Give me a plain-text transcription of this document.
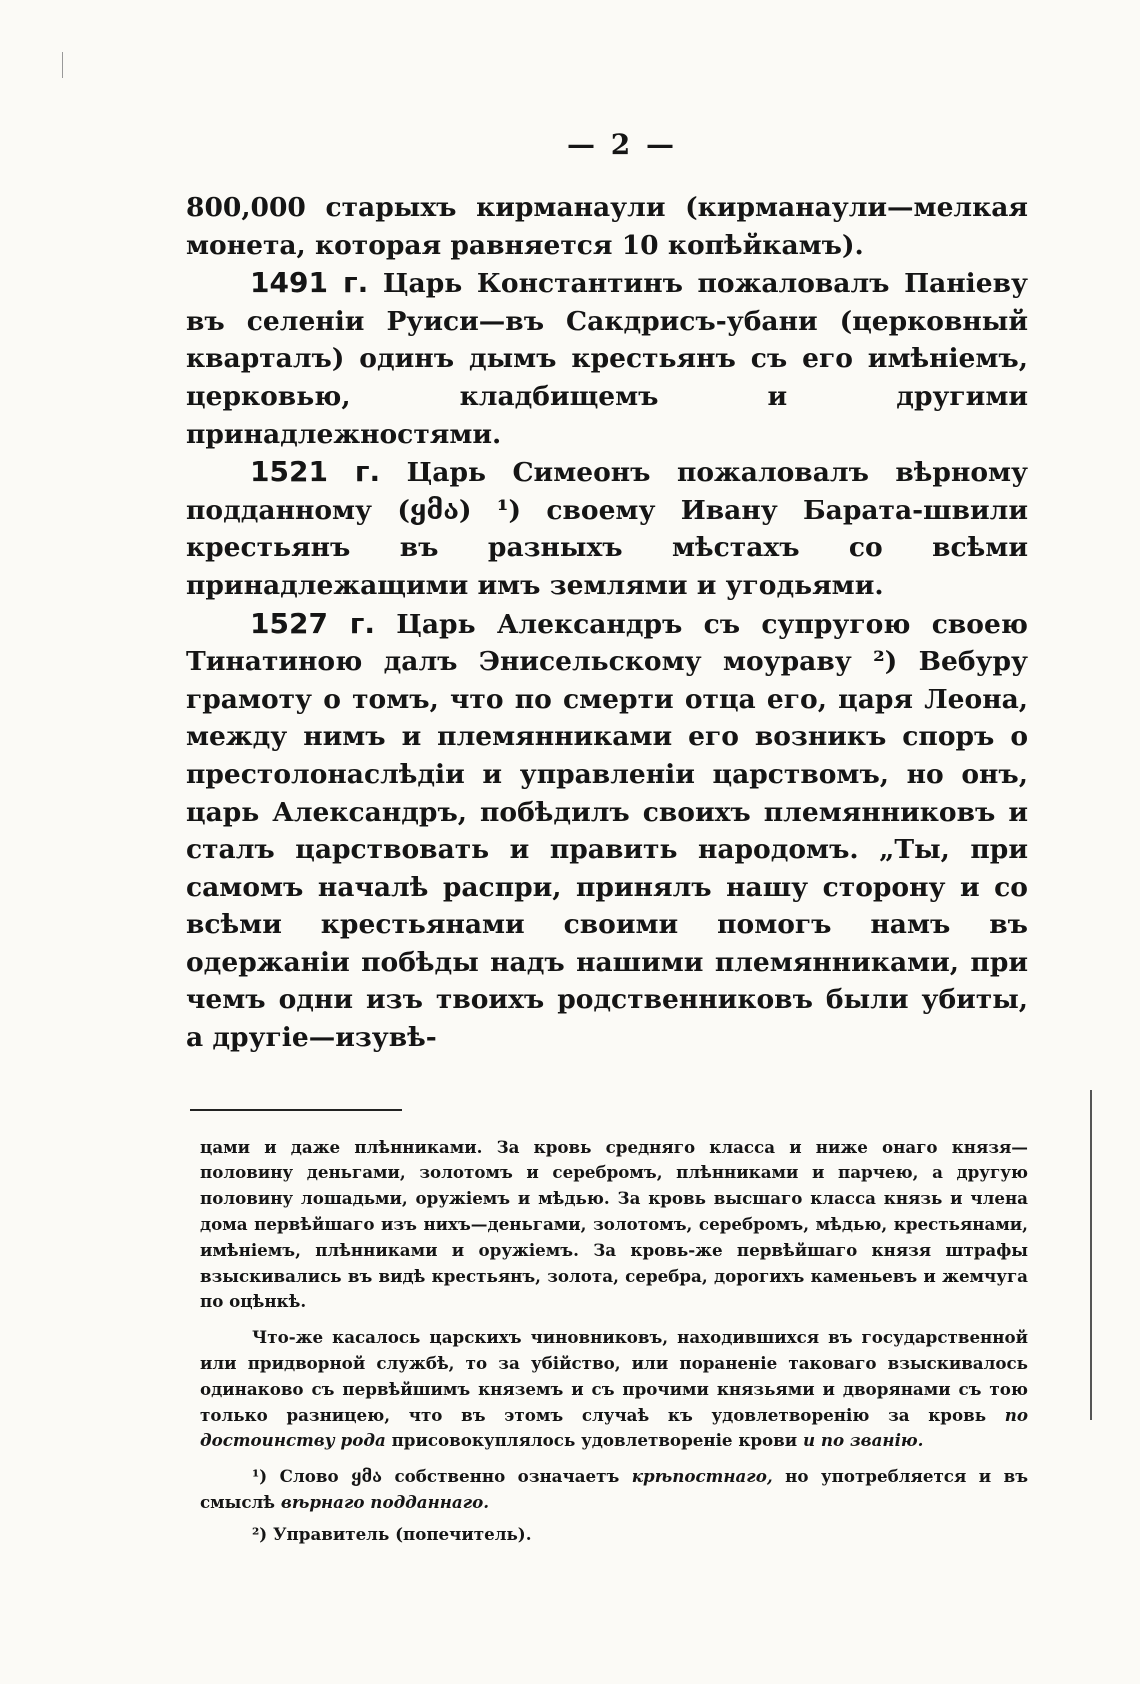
— 2 —

800,000 старыхъ кирманаули (кирманаули—мелкая монета, которая равняется 10 копѣйкамъ).

1491 г. Царь Константинъ пожаловалъ Паніеву въ селеніи Руиси—въ Сакдрисъ-убани (церковный кварталъ) одинъ дымъ крестьянъ съ его имѣніемъ, церковью, кладбищемъ и другими принадлежностями.

1521 г. Царь Симеонъ пожаловалъ вѣрному подданному (ყმა) ¹) своему Ивану Барата-швили крестьянъ въ разныхъ мѣстахъ со всѣми принадлежащими имъ землями и угодьями.

1527 г. Царь Александръ съ супругою своею Тинатиною далъ Энисельскому моураву ²) Вебуру грамоту о томъ, что по смерти отца его, царя Леона, между нимъ и племянниками его возникъ споръ о престолонаслѣдіи и управленіи царствомъ, но онъ, царь Александръ, побѣдилъ своихъ племянниковъ и сталъ царствовать и править народомъ. „Ты, при самомъ началѣ распри, принялъ нашу сторону и со всѣми крестьянами своими помогъ намъ въ одержаніи побѣды надъ нашими племянниками, при чемъ одни изъ твоихъ родственниковъ были убиты, а другіе—изувѣ-

цами и даже плѣнниками. За кровь средняго класса и ниже онаго князя—половину деньгами, золотомъ и серебромъ, плѣнниками и парчею, а другую половину лошадьми, оружіемъ и мѣдью. За кровь высшаго класса князь и члена дома первѣйшаго изъ нихъ—деньгами, золотомъ, серебромъ, мѣдью, крестьянами, имѣніемъ, плѣнниками и оружіемъ. За кровь-же первѣйшаго князя штрафы взыскивались въ видѣ крестьянъ, золота, серебра, дорогихъ каменьевъ и жемчуга по оцѣнкѣ.

Что-же касалось царскихъ чиновниковъ, находившихся въ государственной или придворной службѣ, то за убійство, или пораненіе таковаго взыскивалось одинаково съ первѣйшимъ княземъ и съ прочими князьями и дворянами съ тою только разницею, что въ этомъ случаѣ къ удовлетворенію за кровь по достоинству рода присовокуплялось удовлетвореніе крови и по званію.

¹) Слово ყმა собственно означаетъ крѣпостнаго, но употребляется и въ смыслѣ вѣрнаго подданнаго.

²) Управитель (попечитель).
